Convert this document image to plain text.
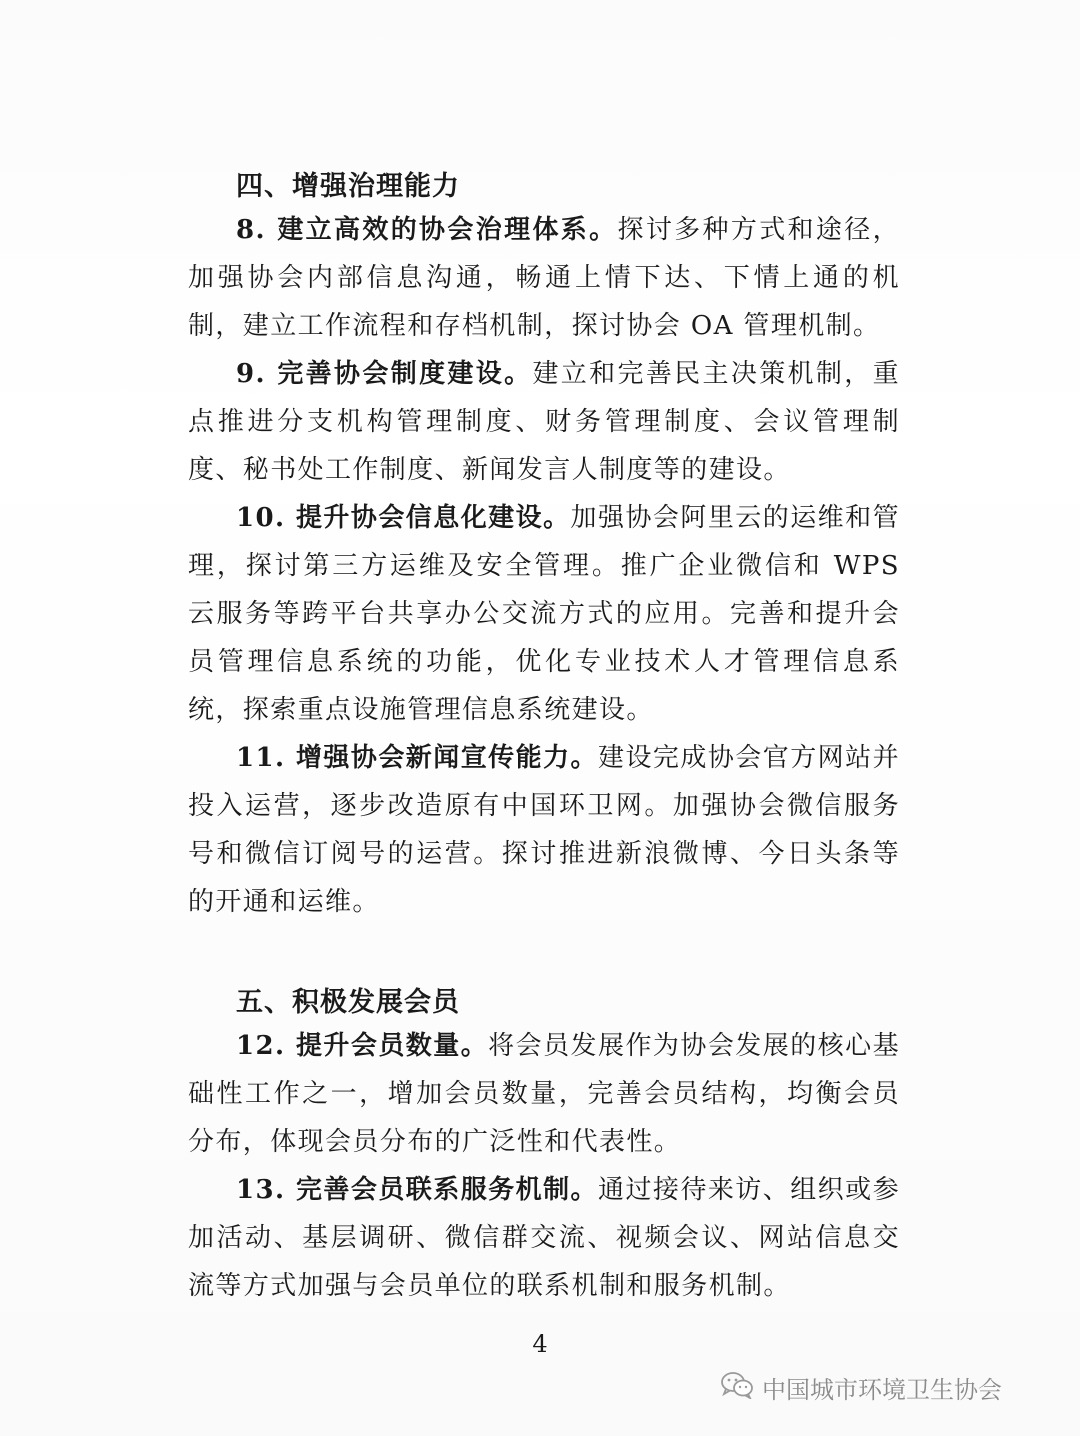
四、增强治理能力

8. 建立高效的协会治理体系。探讨多种方式和途径，加强协会内部信息沟通，畅通上情下达、下情上通的机制，建立工作流程和存档机制，探讨协会 OA 管理机制。

9. 完善协会制度建设。建立和完善民主决策机制，重点推进分支机构管理制度、财务管理制度、会议管理制度、秘书处工作制度、新闻发言人制度等的建设。

10. 提升协会信息化建设。加强协会阿里云的运维和管理，探讨第三方运维及安全管理。推广企业微信和 WPS 云服务等跨平台共享办公交流方式的应用。完善和提升会员管理信息系统的功能，优化专业技术人才管理信息系统，探索重点设施管理信息系统建设。

11. 增强协会新闻宣传能力。建设完成协会官方网站并投入运营，逐步改造原有中国环卫网。加强协会微信服务号和微信订阅号的运营。探讨推进新浪微博、今日头条等的开通和运维。

五、积极发展会员

12. 提升会员数量。将会员发展作为协会发展的核心基础性工作之一，增加会员数量，完善会员结构，均衡会员分布，体现会员分布的广泛性和代表性。

13. 完善会员联系服务机制。通过接待来访、组织或参加活动、基层调研、微信群交流、视频会议、网站信息交流等方式加强与会员单位的联系机制和服务机制。

4

中国城市环境卫生协会
